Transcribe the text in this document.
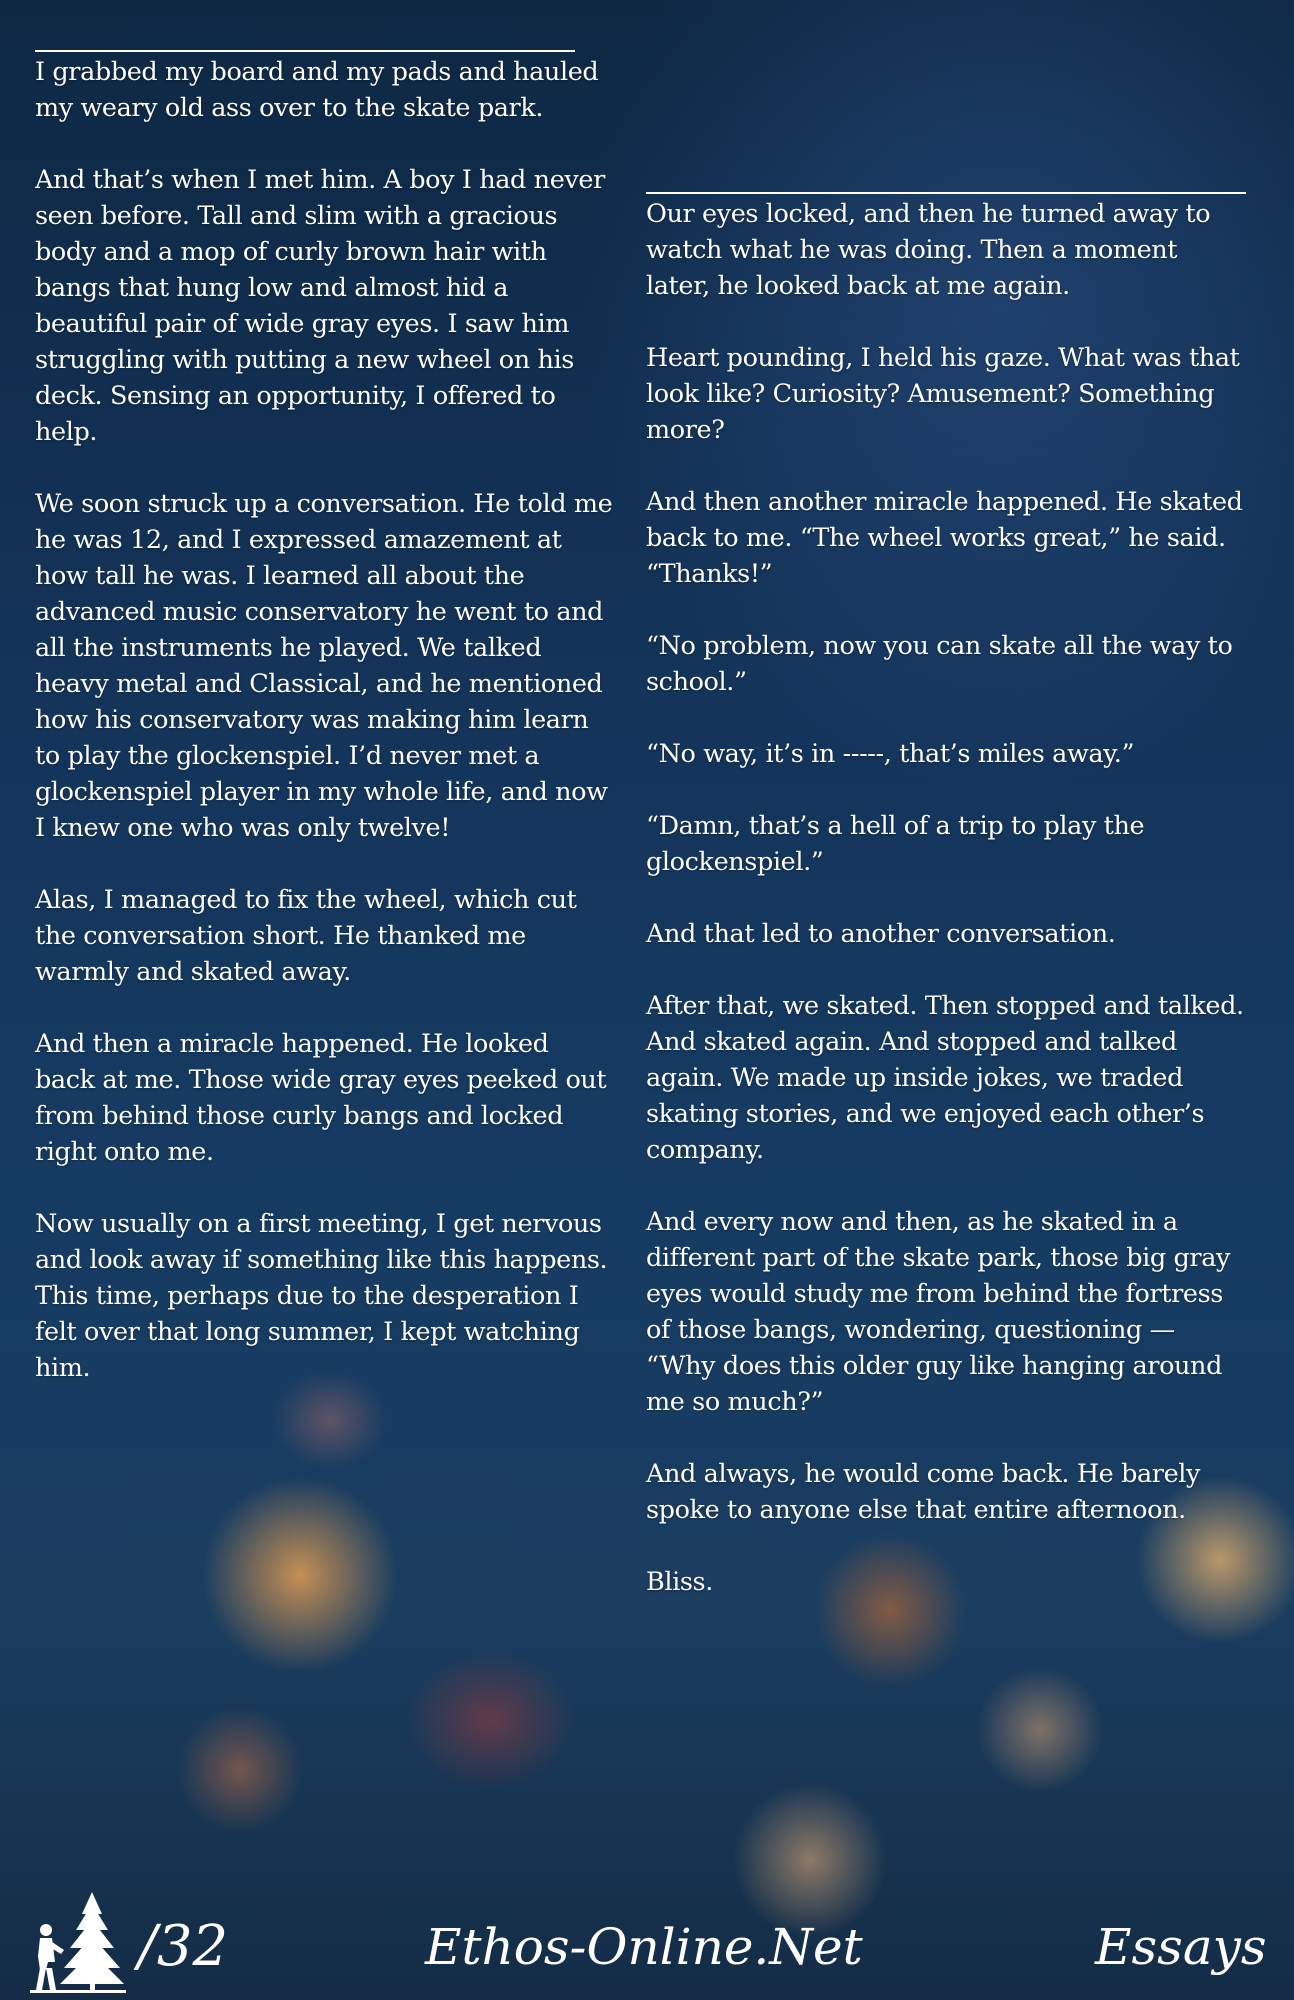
I grabbed my board and my pads and hauled my weary old ass over to the skate park.

And that’s when I met him. A boy I had never seen before. Tall and slim with a gracious body and a mop of curly brown hair with bangs that hung low and almost hid a beautiful pair of wide gray eyes. I saw him struggling with putting a new wheel on his deck. Sensing an opportunity, I offered to help.

We soon struck up a conversation. He told me he was 12, and I expressed amazement at how tall he was. I learned all about the advanced music conservatory he went to and all the instruments he played. We talked heavy metal and Classical, and he mentioned how his conservatory was making him learn to play the glockenspiel. I’d never met a glockenspiel player in my whole life, and now I knew one who was only twelve!

Alas, I managed to fix the wheel, which cut the conversation short. He thanked me warmly and skated away.

And then a miracle happened. He looked back at me. Those wide gray eyes peeked out from behind those curly bangs and locked right onto me.

Now usually on a first meeting, I get nervous and look away if something like this happens. This time, perhaps due to the desperation I felt over that long summer, I kept watching him.

Our eyes locked, and then he turned away to watch what he was doing. Then a moment later, he looked back at me again.

Heart pounding, I held his gaze. What was that look like? Curiosity? Amusement? Something more?

And then another miracle happened. He skated back to me. “The wheel works great,” he said. “Thanks!”

“No problem, now you can skate all the way to school.”

“No way, it’s in -----, that’s miles away.”

“Damn, that’s a hell of a trip to play the glockenspiel.”

And that led to another conversation.

After that, we skated. Then stopped and talked. And skated again. And stopped and talked again. We made up inside jokes, we traded skating stories, and we enjoyed each other’s company.

And every now and then, as he skated in a different part of the skate park, those big gray eyes would study me from behind the fortress of those bangs, wondering, questioning — “Why does this older guy like hanging around me so much?”

And always, he would come back. He barely spoke to anyone else that entire afternoon.

Bliss.

/32	Ethos-Online.Net	Essays
